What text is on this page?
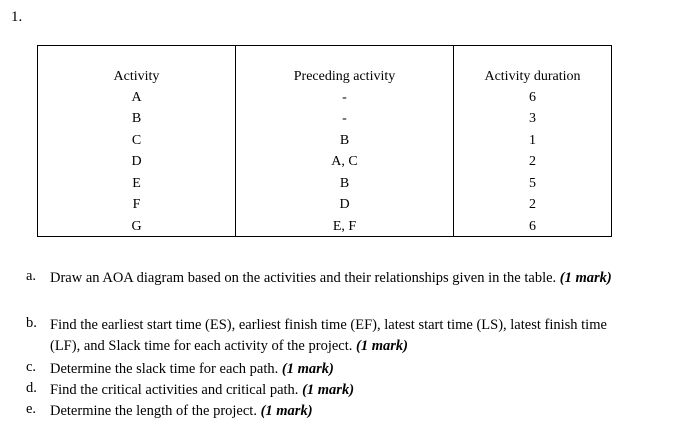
1.
Activity
A
B
C
D
E
F
G
Preceding activity
-
-
B
A, C
B
D
E, F
Activity duration
6
3
1
2
5
2
6
a. Draw an AOA diagram based on the activities and their relationships given in the table. (1 mark)
b. Find the earliest start time (ES), earliest finish time (EF), latest start time (LS), latest finish time (LF), and Slack time for each activity of the project. (1 mark)
c. Determine the slack time for each path. (1 mark)
d. Find the critical activities and critical path. (1 mark)
e. Determine the length of the project. (1 mark)
